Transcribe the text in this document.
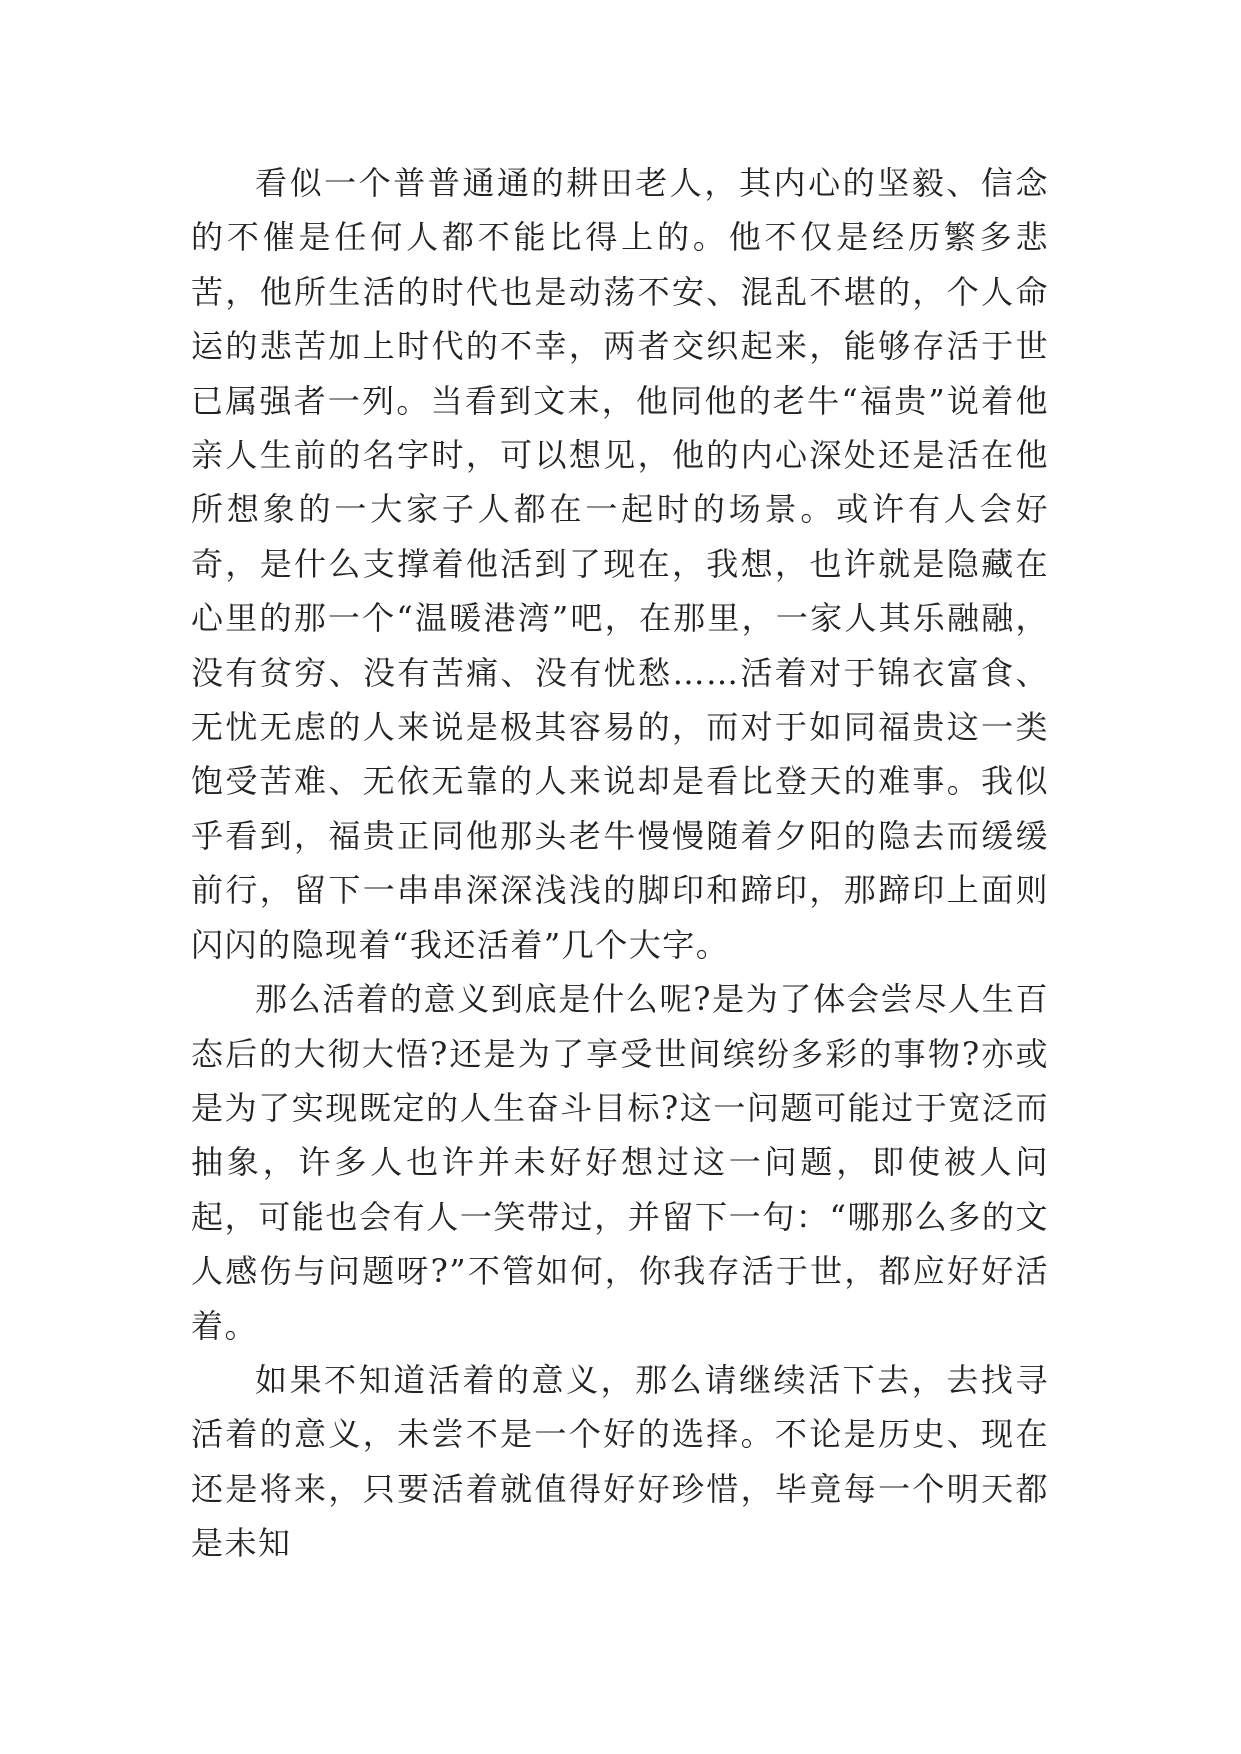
看似一个普普通通的耕田老人，其内心的坚毅、信念的不催是任何人都不能比得上的。他不仅是经历繁多悲苦，他所生活的时代也是动荡不安、混乱不堪的，个人命运的悲苦加上时代的不幸，两者交织起来，能够存活于世已属强者一列。当看到文末，他同他的老牛“福贵”说着他亲人生前的名字时，可以想见，他的内心深处还是活在他所想象的一大家子人都在一起时的场景。或许有人会好奇，是什么支撑着他活到了现在，我想，也许就是隐藏在心里的那一个“温暖港湾”吧，在那里，一家人其乐融融，没有贫穷、没有苦痛、没有忧愁……活着对于锦衣富食、无忧无虑的人来说是极其容易的，而对于如同福贵这一类饱受苦难、无依无靠的人来说却是看比登天的难事。我似乎看到，福贵正同他那头老牛慢慢随着夕阳的隐去而缓缓前行，留下一串串深深浅浅的脚印和蹄印，那蹄印上面则闪闪的隐现着“我还活着”几个大字。

那么活着的意义到底是什么呢?是为了体会尝尽人生百态后的大彻大悟?还是为了享受世间缤纷多彩的事物?亦或是为了实现既定的人生奋斗目标?这一问题可能过于宽泛而抽象，许多人也许并未好好想过这一问题，即使被人问起，可能也会有人一笑带过，并留下一句：“哪那么多的文人感伤与问题呀?”不管如何，你我存活于世，都应好好活着。

如果不知道活着的意义，那么请继续活下去，去找寻活着的意义，未尝不是一个好的选择。不论是历史、现在还是将来，只要活着就值得好好珍惜，毕竟每一个明天都是未知
